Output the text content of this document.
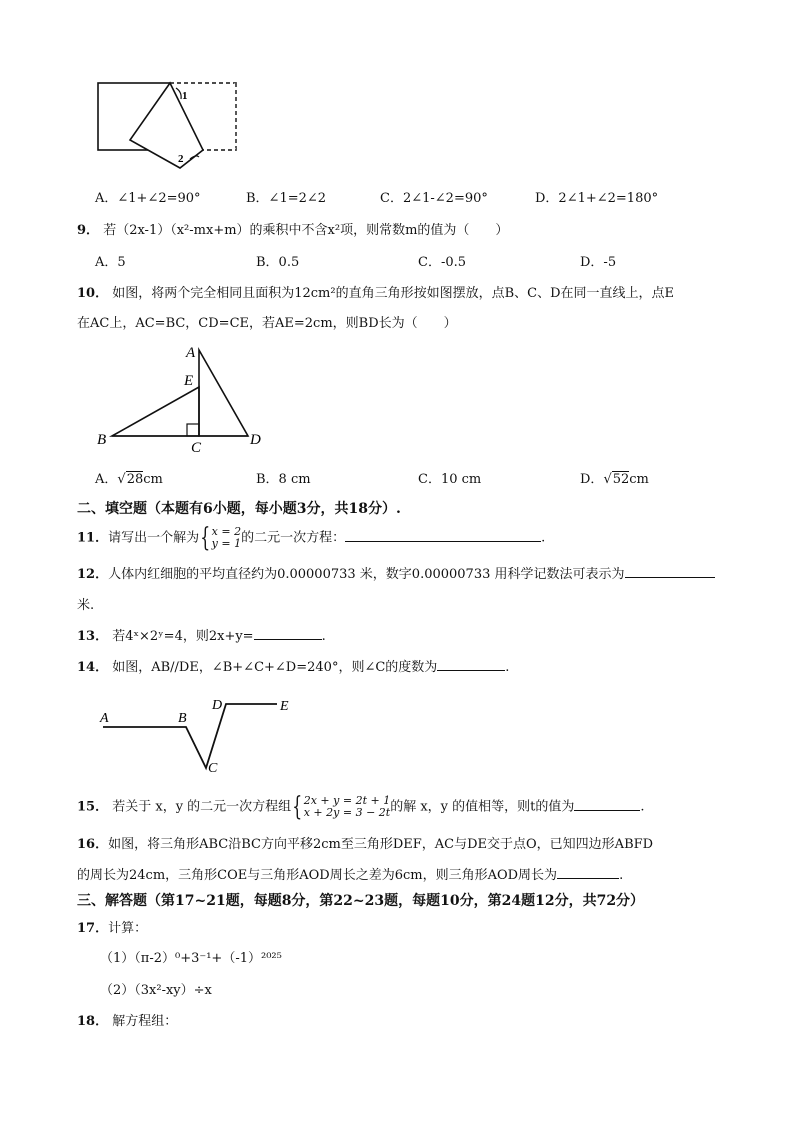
1
2
A．∠1+∠2=90°	B．∠1=2∠2	C．2∠1-∠2=90°	D．2∠1+∠2=180°
9． 若（2x-1）（x²-mx+m）的乘积中不含x²项，则常数m的值为（　　）
A．5	B．0.5	C．-0.5	D．-5
10． 如图，将两个完全相同且面积为12cm²的直角三角形按如图摆放，点B、C、D在同一直线上，点E
在AC上，AC=BC，CD=CE，若AE=2cm，则BD长为（　　）
A
E
B	C	D
A．√28cm	B．8 cm	C．10 cm	D．√52cm
二、填空题（本题有6小题，每小题3分，共18分）.
11．请写出一个解为{x = 2
y = 1的二元一次方程：	.
12．人体内红细胞的平均直径约为0.00000733 米，数字0.00000733 用科学记数法可表示为
米.
13． 若4ˣ×2ʸ=4，则2x+y=	.
14． 如图，AB//DE，∠B+∠C+∠D=240°，则∠C的度数为	.
A	B
C
D	E
15． 若关于 x，y 的二元一次方程组{2x + y = 2t + 1
x + 2y = 3 − 2t的解 x，y 的值相等，则t的值为	.
16．如图，将三角形ABC沿BC方向平移2cm至三角形DEF，AC与DE交于点O，已知四边形ABFD
的周长为24cm，三角形COE与三角形AOD周长之差为6cm，则三角形AOD周长为	.
三、解答题（第17~21题，每题8分，第22~23题，每题10分，第24题12分，共72分）
17．计算：
（1）（π-2）⁰+3⁻¹+（-1）²⁰²⁵
（2）（3x²-xy）÷x
18． 解方程组：
